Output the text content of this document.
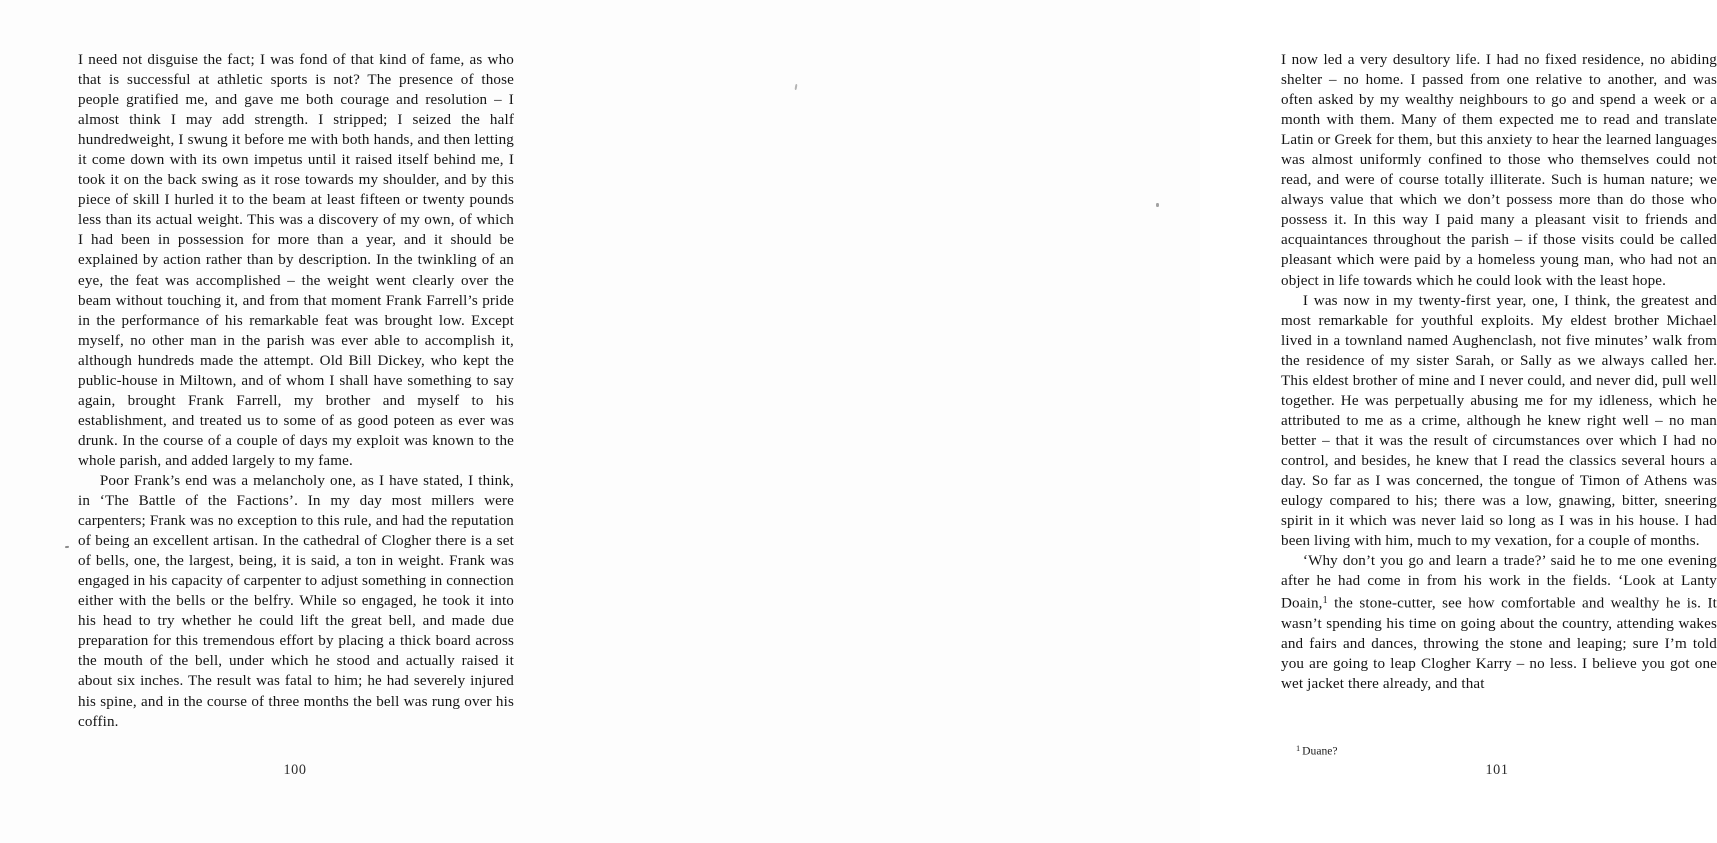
I need not disguise the fact; I was fond of that kind of fame, as who that is successful at athletic sports is not? The presence of those people gratified me, and gave me both courage and resolution – I almost think I may add strength. I stripped; I seized the half hundredweight, I swung it before me with both hands, and then letting it come down with its own impetus until it raised itself behind me, I took it on the back swing as it rose towards my shoulder, and by this piece of skill I hurled it to the beam at least fifteen or twenty pounds less than its actual weight. This was a discovery of my own, of which I had been in possession for more than a year, and it should be explained by action rather than by description. In the twinkling of an eye, the feat was accomplished – the weight went clearly over the beam without touching it, and from that moment Frank Farrell’s pride in the performance of his remarkable feat was brought low. Except myself, no other man in the parish was ever able to accomplish it, although hundreds made the attempt. Old Bill Dickey, who kept the public-house in Miltown, and of whom I shall have something to say again, brought Frank Farrell, my brother and myself to his establishment, and treated us to some of as good poteen as ever was drunk. In the course of a couple of days my exploit was known to the whole parish, and added largely to my fame.

Poor Frank’s end was a melancholy one, as I have stated, I think, in ‘The Battle of the Factions’. In my day most millers were carpenters; Frank was no exception to this rule, and had the reputation of being an excellent artisan. In the cathedral of Clogher there is a set of bells, one, the largest, being, it is said, a ton in weight. Frank was engaged in his capacity of carpenter to adjust something in connection either with the bells or the belfry. While so engaged, he took it into his head to try whether he could lift the great bell, and made due preparation for this tremendous effort by placing a thick board across the mouth of the bell, under which he stood and actually raised it about six inches. The result was fatal to him; he had severely injured his spine, and in the course of three months the bell was rung over his coffin.

100

I now led a very desultory life. I had no fixed residence, no abiding shelter – no home. I passed from one relative to another, and was often asked by my wealthy neighbours to go and spend a week or a month with them. Many of them expected me to read and translate Latin or Greek for them, but this anxiety to hear the learned languages was almost uniformly confined to those who themselves could not read, and were of course totally illiterate. Such is human nature; we always value that which we don’t possess more than do those who possess it. In this way I paid many a pleasant visit to friends and acquaintances throughout the parish – if those visits could be called pleasant which were paid by a homeless young man, who had not an object in life towards which he could look with the least hope.

I was now in my twenty-first year, one, I think, the greatest and most remarkable for youthful exploits. My eldest brother Michael lived in a townland named Aughenclash, not five minutes’ walk from the residence of my sister Sarah, or Sally as we always called her. This eldest brother of mine and I never could, and never did, pull well together. He was perpetually abusing me for my idleness, which he attributed to me as a crime, although he knew right well – no man better – that it was the result of circumstances over which I had no control, and besides, he knew that I read the classics several hours a day. So far as I was concerned, the tongue of Timon of Athens was eulogy compared to his; there was a low, gnawing, bitter, sneering spirit in it which was never laid so long as I was in his house. I had been living with him, much to my vexation, for a couple of months.

‘Why don’t you go and learn a trade?’ said he to me one evening after he had come in from his work in the fields. ‘Look at Lanty Doain,$^1$ the stone-cutter, see how comfortable and wealthy he is. It wasn’t spending his time on going about the country, attending wakes and fairs and dances, throwing the stone and leaping; sure I’m told you are going to leap Clogher Karry – no less. I believe you got one wet jacket there already, and that

$^1$ Duane?
101
